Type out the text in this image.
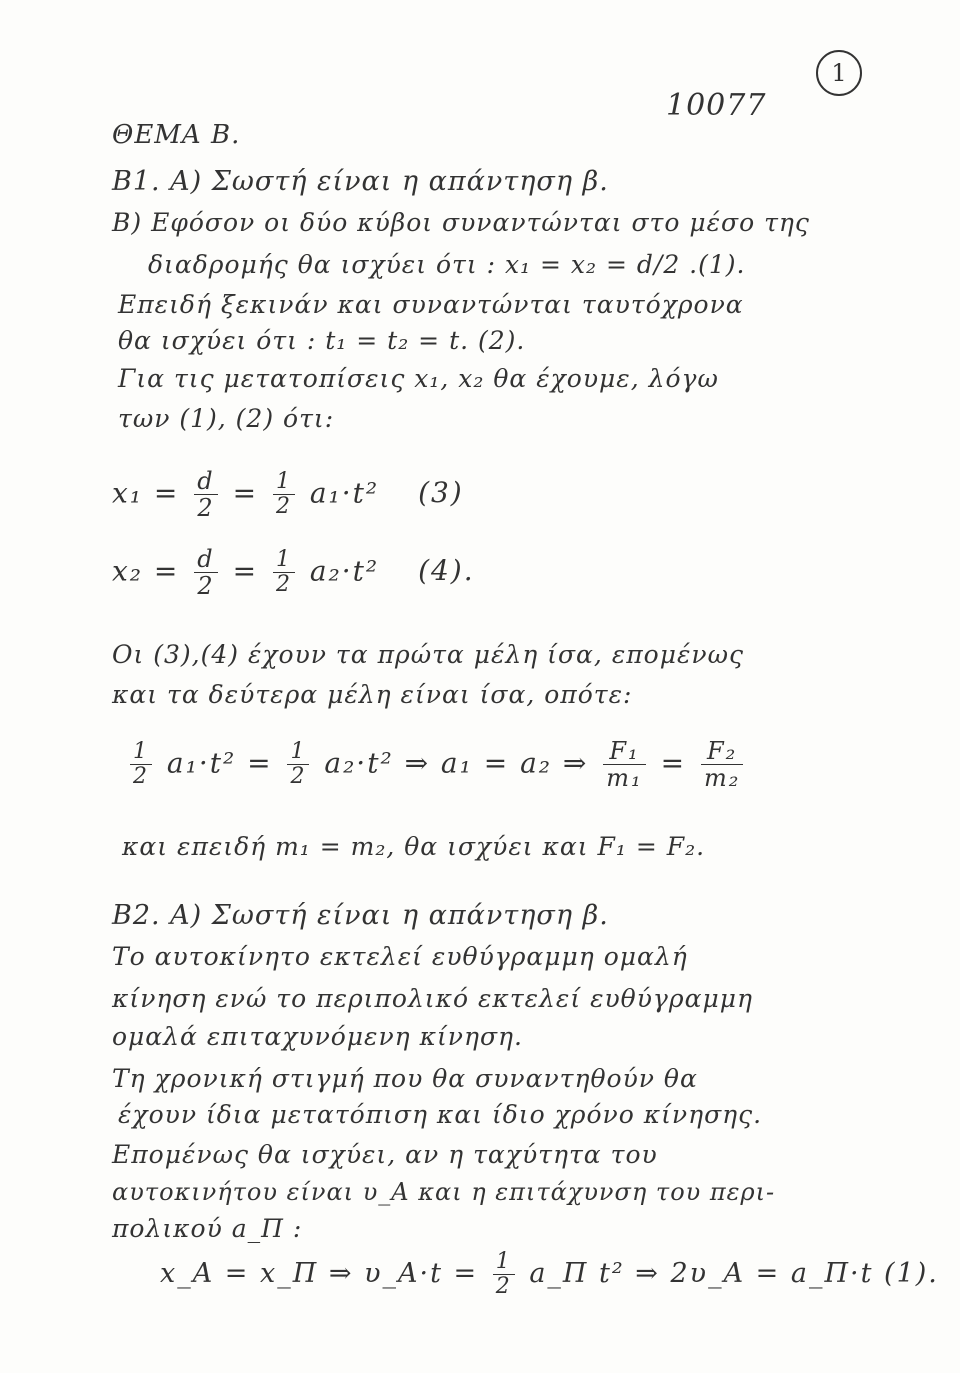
1
10077
ΘΕΜΑ Β.
Β1. Α) Σωστή είναι η απάντηση β.
Β) Εφόσον οι δύο κύβοι συναντώνται στο μέσο της
διαδρομής θα ισχύει ότι : x₁ = x₂ = d/2 .(1).
Επειδή ξεκινάν και συναντώνται ταυτόχρονα
θα ισχύει ότι : t₁ = t₂ = t. (2).
Για τις μετατοπίσεις x₁, x₂ θα έχουμε, λόγω
των (1), (2) ότι:
$x_1 = \frac{d}{2} = \frac{1}{2} a_1\cdot t^2$ (3)
$x_2 = \frac{d}{2} = \frac{1}{2} a_2\cdot t^2$ (4).
Οι (3),(4) έχουν τα πρώτα μέλη ίσα, επομένως
και τα δεύτερα μέλη είναι ίσα, οπότε:
$\frac{1}{2} a_1\cdot t^2 = \frac{1}{2} a_2\cdot t^2$ ⇒ a₁ = a₂ ⇒ $\frac{\text{F₁}}{\text{m₁}} = \frac{\text{F₂}}{\text{m₂}}$
και επειδή m₁ = m₂, θα ισχύει και F₁ = F₂.
Β2. Α) Σωστή είναι η απάντηση β.
Το αυτοκίνητο εκτελεί ευθύγραμμη ομαλή
κίνηση ενώ το περιπολικό εκτελεί ευθύγραμμη
ομαλά επιταχυνόμενη κίνηση.
Τη χρονική στιγμή που θα συναντηθούν θα
έχουν ίδια μετατόπιση και ίδιο χρόνο κίνησης.
Επομένως θα ισχύει, αν η ταχύτητα του
αυτοκινήτου είναι υ_A και η επιτάχυνση του περι-
πολικού a_Π :
x_A = x_Π ⇒ υ_A·t = $\frac{1}{2}$ a_Π t² ⇒ 2υ_A = a_Π·t (1).
